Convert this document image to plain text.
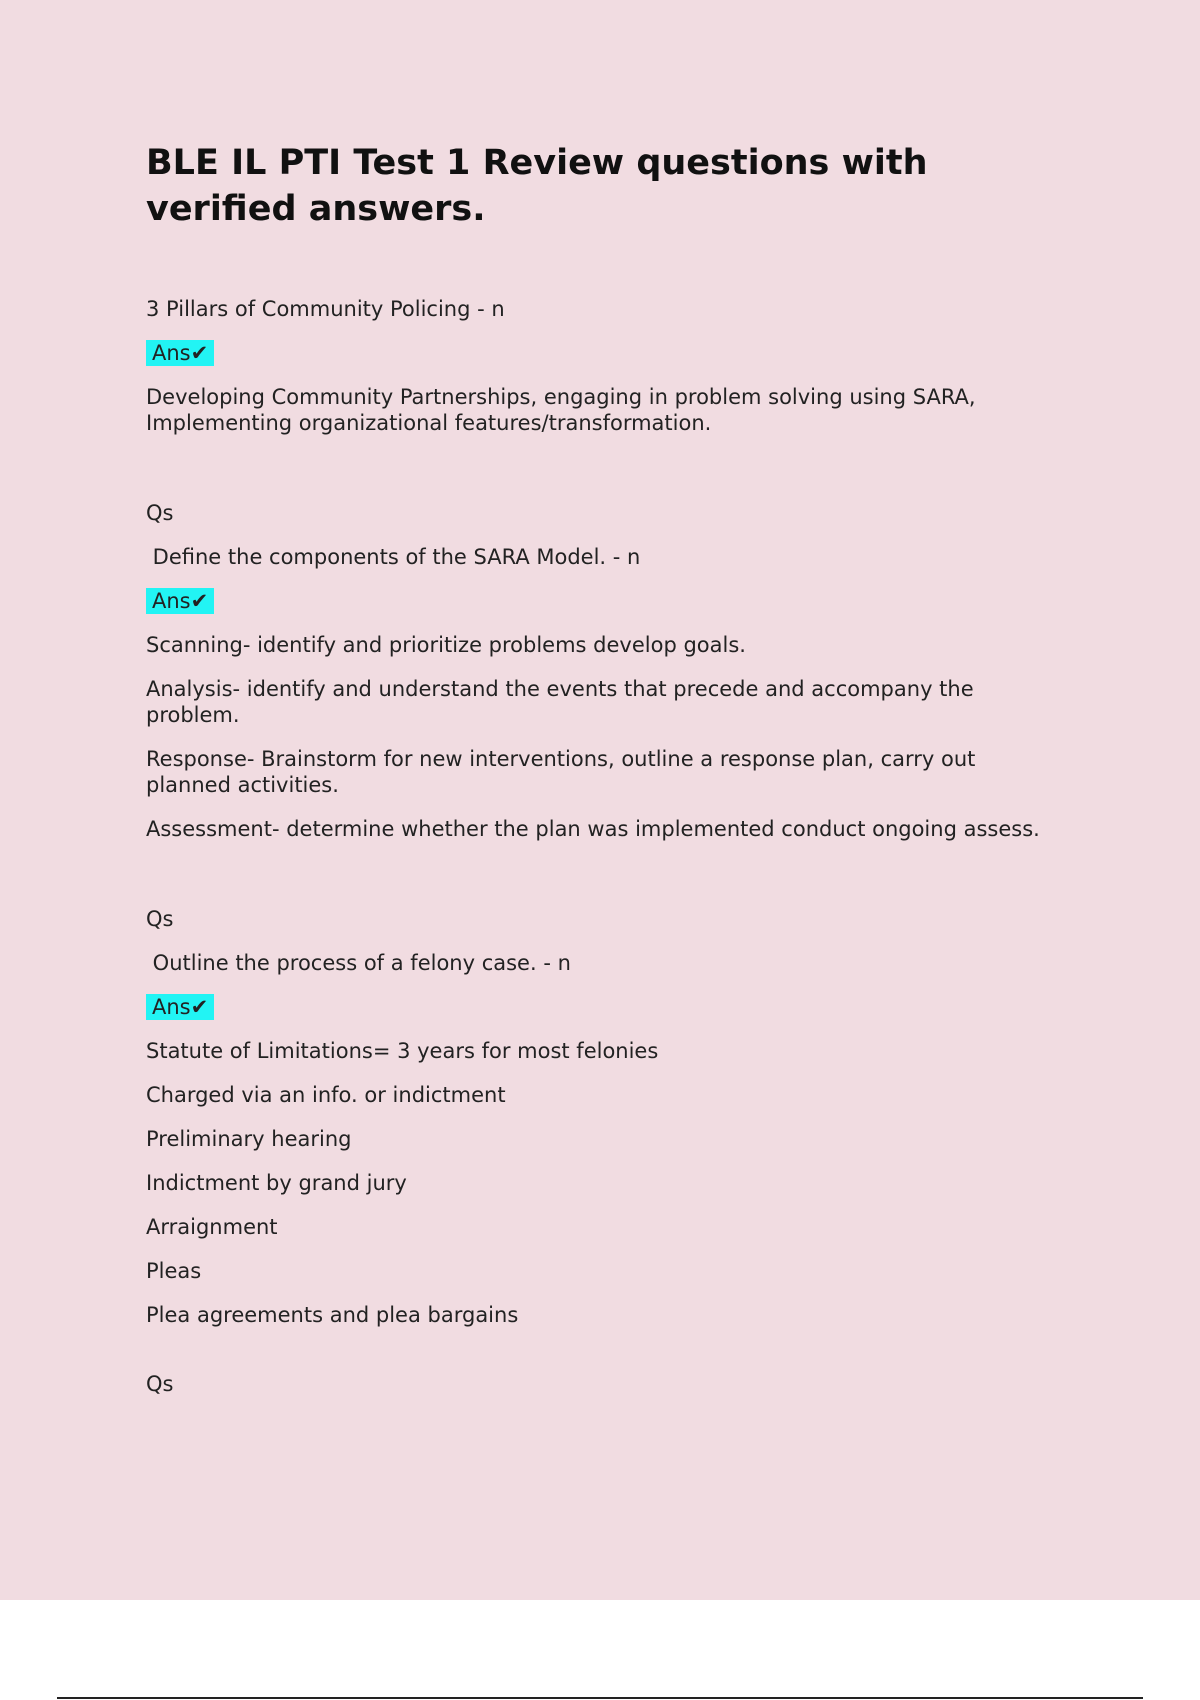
BLE IL PTI Test 1 Review questions with verified answers.

3 Pillars of Community Policing - n

Ans✔

Developing Community Partnerships, engaging in problem solving using SARA, Implementing organizational features/transformation.

Qs

Define the components of the SARA Model. - n

Ans✔

Scanning- identify and prioritize problems develop goals.

Analysis- identify and understand the events that precede and accompany the problem.

Response- Brainstorm for new interventions, outline a response plan, carry out planned activities.

Assessment- determine whether the plan was implemented conduct ongoing assess.

Qs

Outline the process of a felony case. - n

Ans✔

Statute of Limitations= 3 years for most felonies

Charged via an info. or indictment

Preliminary hearing

Indictment by grand jury

Arraignment

Pleas

Plea agreements and plea bargains

Qs
